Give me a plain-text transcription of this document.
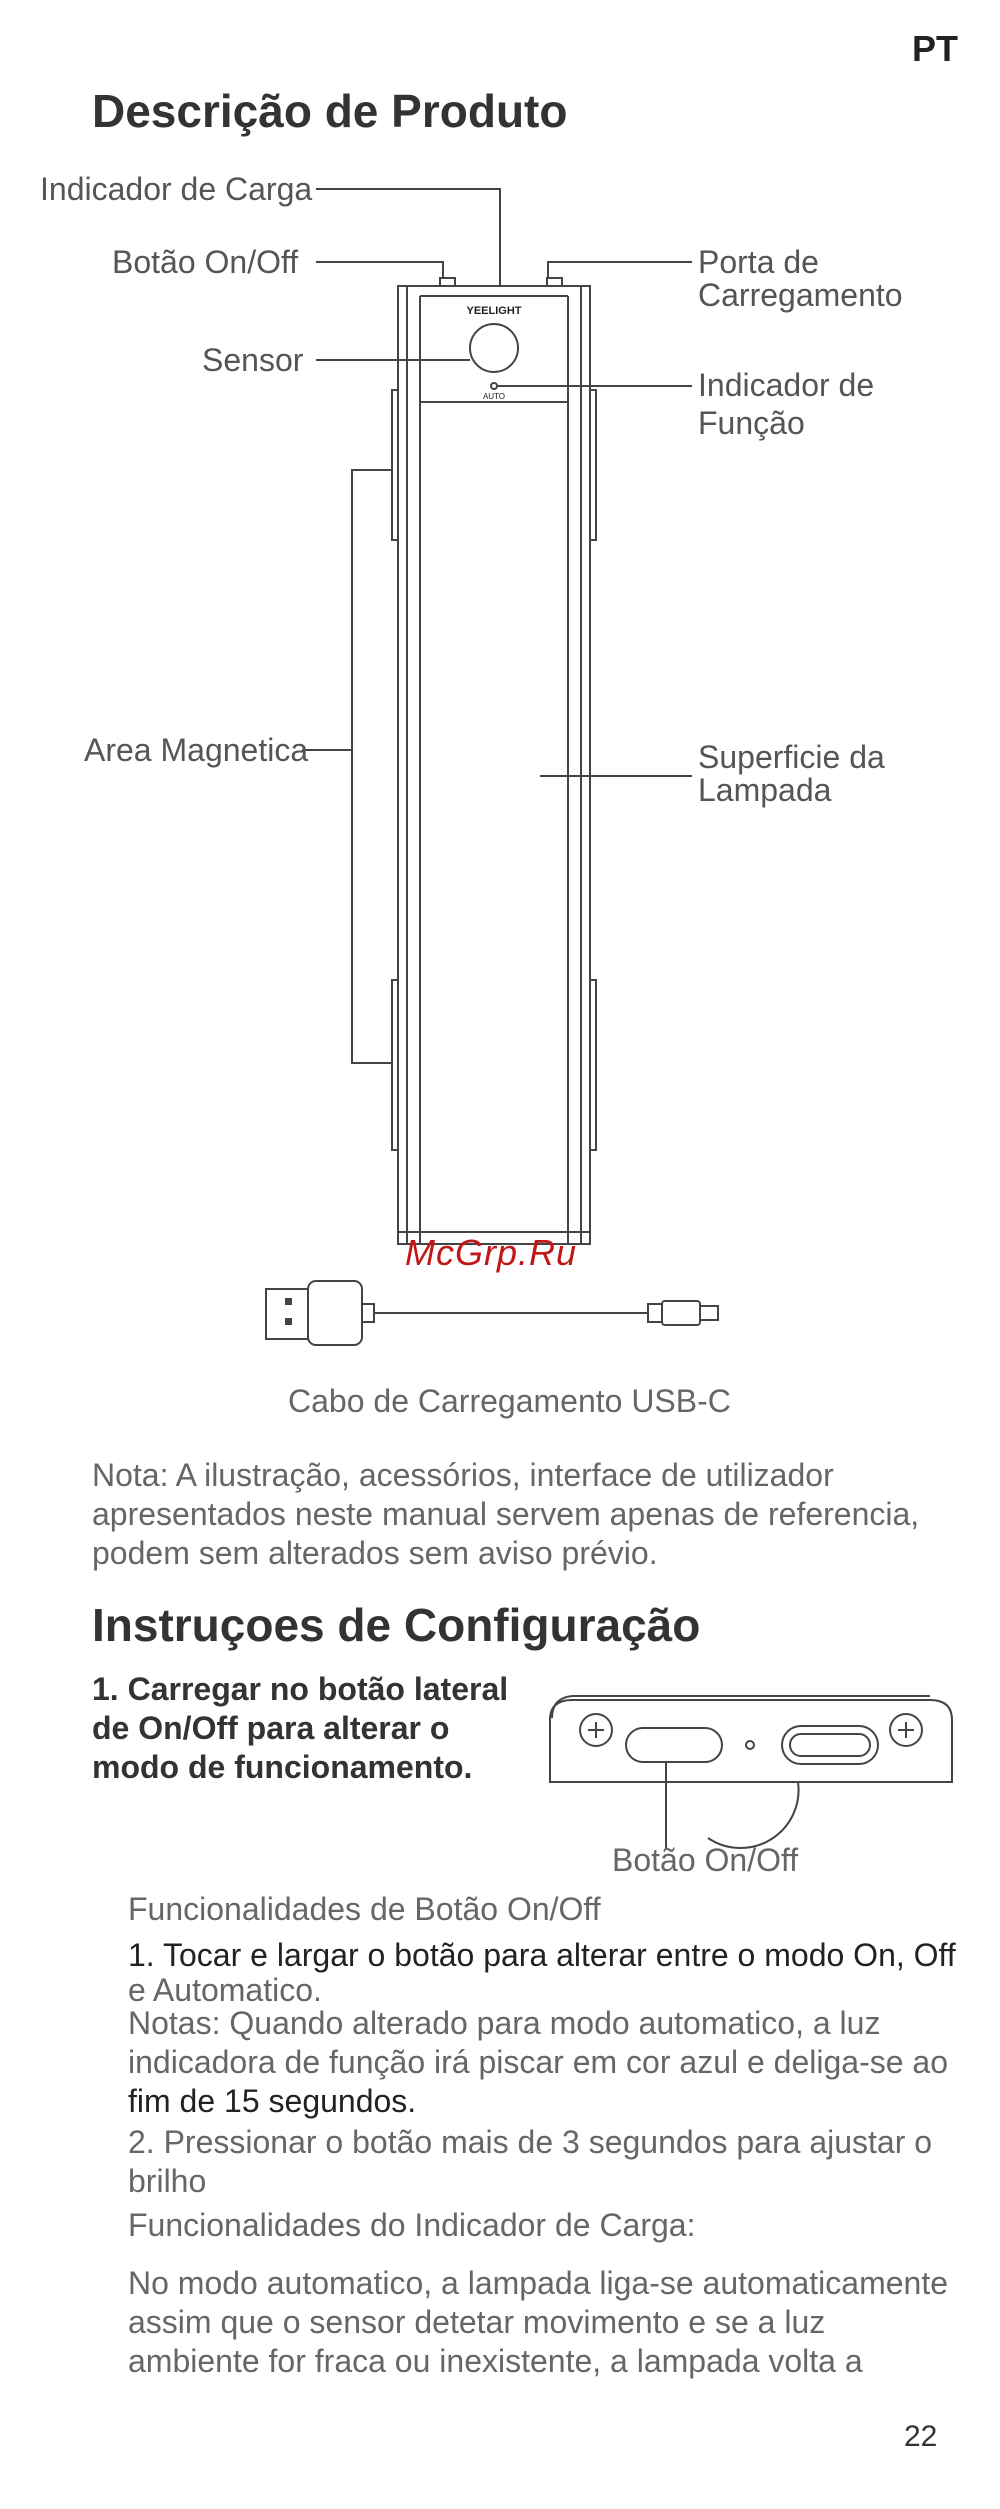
PT
Descrição de Produto
YEELIGHT
AUTO
Indicador de Carga
Botão On/Off
Sensor
Area Magnetica
Porta de
Carregamento
Indicador de
Função
Superficie da
Lampada
McGrp.Ru
Cabo de Carregamento USB-C
Nota: A ilustração, acessórios, interface de utilizador
apresentados neste manual servem apenas de referencia,
podem sem alterados sem aviso prévio.
Instruçoes de Configuração
1. Carregar no botão lateral
de On/Off para alterar o
modo de funcionamento.
Botão On/Off
Funcionalidades de Botão On/Off
1. Tocar e largar o botão para alterar entre o modo On, Off
e Automatico.
Notas: Quando alterado para modo automatico, a luz
indicadora de função irá piscar em cor azul e deliga-se ao
fim de 15 segundos.
2. Pressionar o botão mais de 3 segundos para ajustar o
brilho
Funcionalidades do Indicador de Carga:
No modo automatico, a lampada liga-se automaticamente
assim que o sensor detetar movimento e se a luz
ambiente for fraca ou inexistente, a lampada volta a
22
